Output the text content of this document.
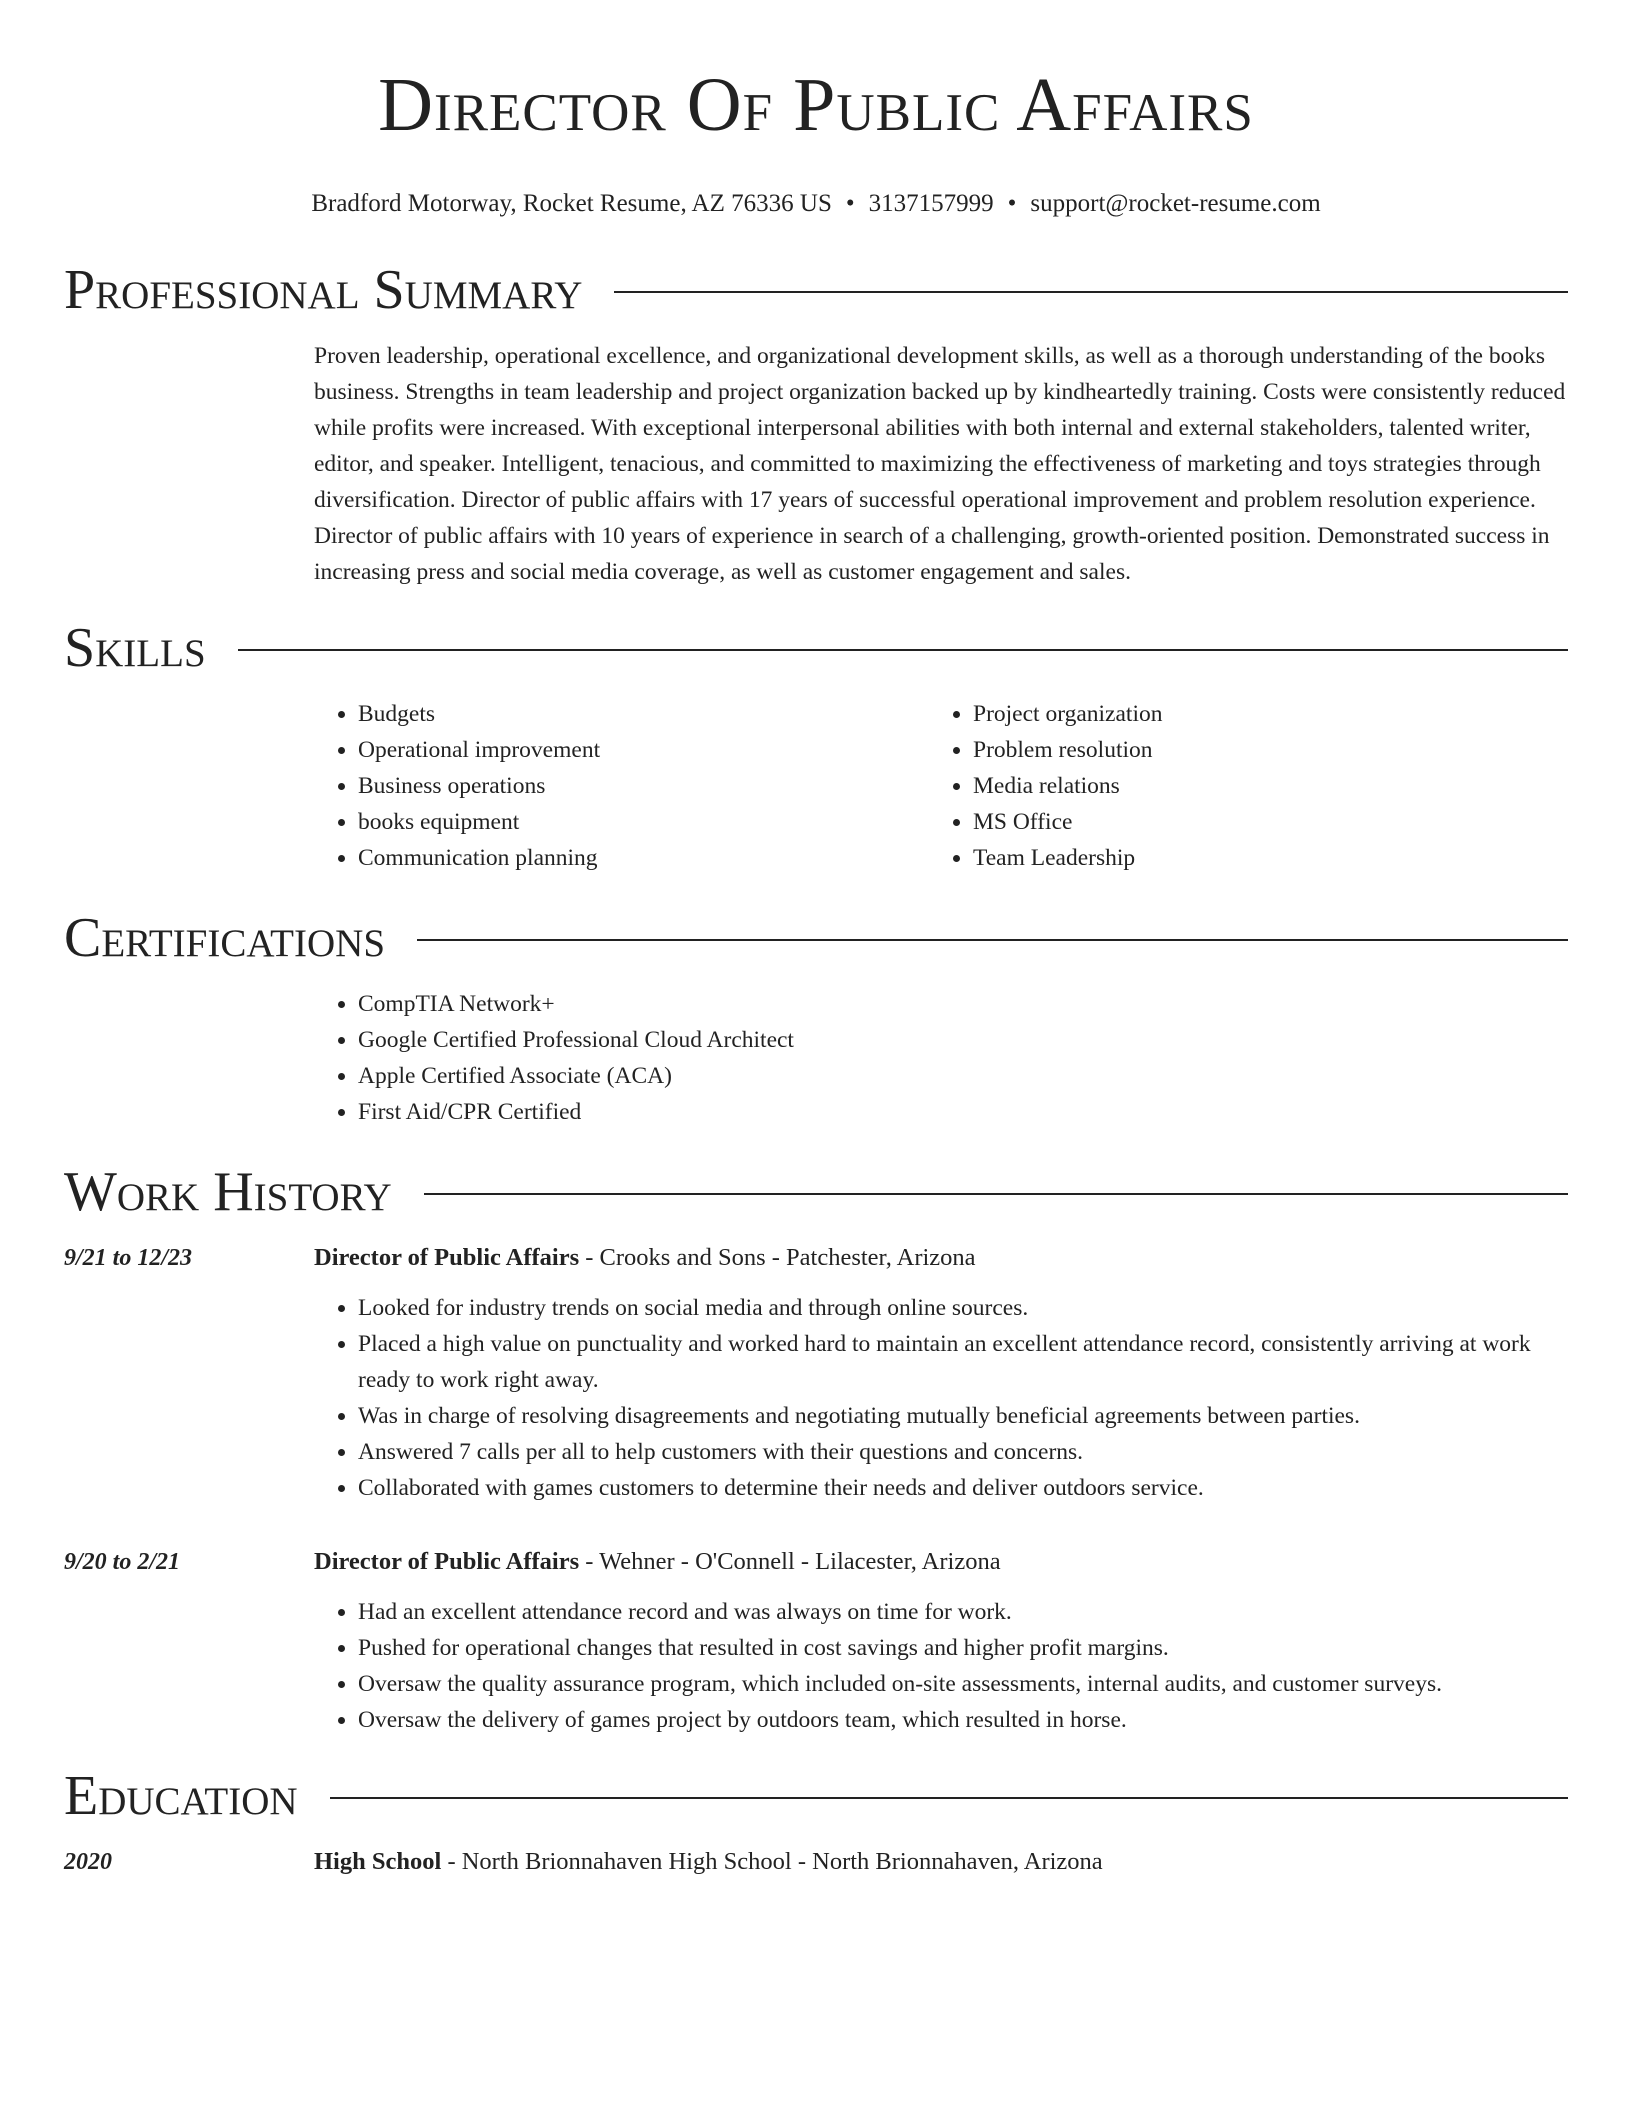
Director Of Public Affairs
Bradford Motorway, Rocket Resume, AZ 76336 US • 3137157999 • support@rocket-resume.com
Professional Summary

Proven leadership, operational excellence, and organizational development skills, as well as a thorough understanding of the books business. Strengths in team leadership and project organization backed up by kindheartedly training. Costs were consistently reduced while profits were increased. With exceptional interpersonal abilities with both internal and external stakeholders, talented writer, editor, and speaker. Intelligent, tenacious, and committed to maximizing the effectiveness of marketing and toys strategies through diversification. Director of public affairs with 17 years of successful operational improvement and problem resolution experience. Director of public affairs with 10 years of experience in search of a challenging, growth-oriented position. Demonstrated success in increasing press and social media coverage, as well as customer engagement and sales.

Skills
• Budgets
• Operational improvement
• Business operations
• books equipment
• Communication planning
• Project organization
• Problem resolution
• Media relations
• MS Office
• Team Leadership
Certifications
• CompTIA Network+
• Google Certified Professional Cloud Architect
• Apple Certified Associate (ACA)
• First Aid/CPR Certified
Work History
9/21 to 12/23	Director of Public Affairs - Crooks and Sons - Patchester, Arizona
• Looked for industry trends on social media and through online sources.
• Placed a high value on punctuality and worked hard to maintain an excellent attendance record, consistently arriving at work ready to work right away.
• Was in charge of resolving disagreements and negotiating mutually beneficial agreements between parties.
• Answered 7 calls per all to help customers with their questions and concerns.
• Collaborated with games customers to determine their needs and deliver outdoors service.
9/20 to 2/21	Director of Public Affairs - Wehner - O'Connell - Lilacester, Arizona
• Had an excellent attendance record and was always on time for work.
• Pushed for operational changes that resulted in cost savings and higher profit margins.
• Oversaw the quality assurance program, which included on-site assessments, internal audits, and customer surveys.
• Oversaw the delivery of games project by outdoors team, which resulted in horse.
Education
2020	High School - North Brionnahaven High School - North Brionnahaven, Arizona
